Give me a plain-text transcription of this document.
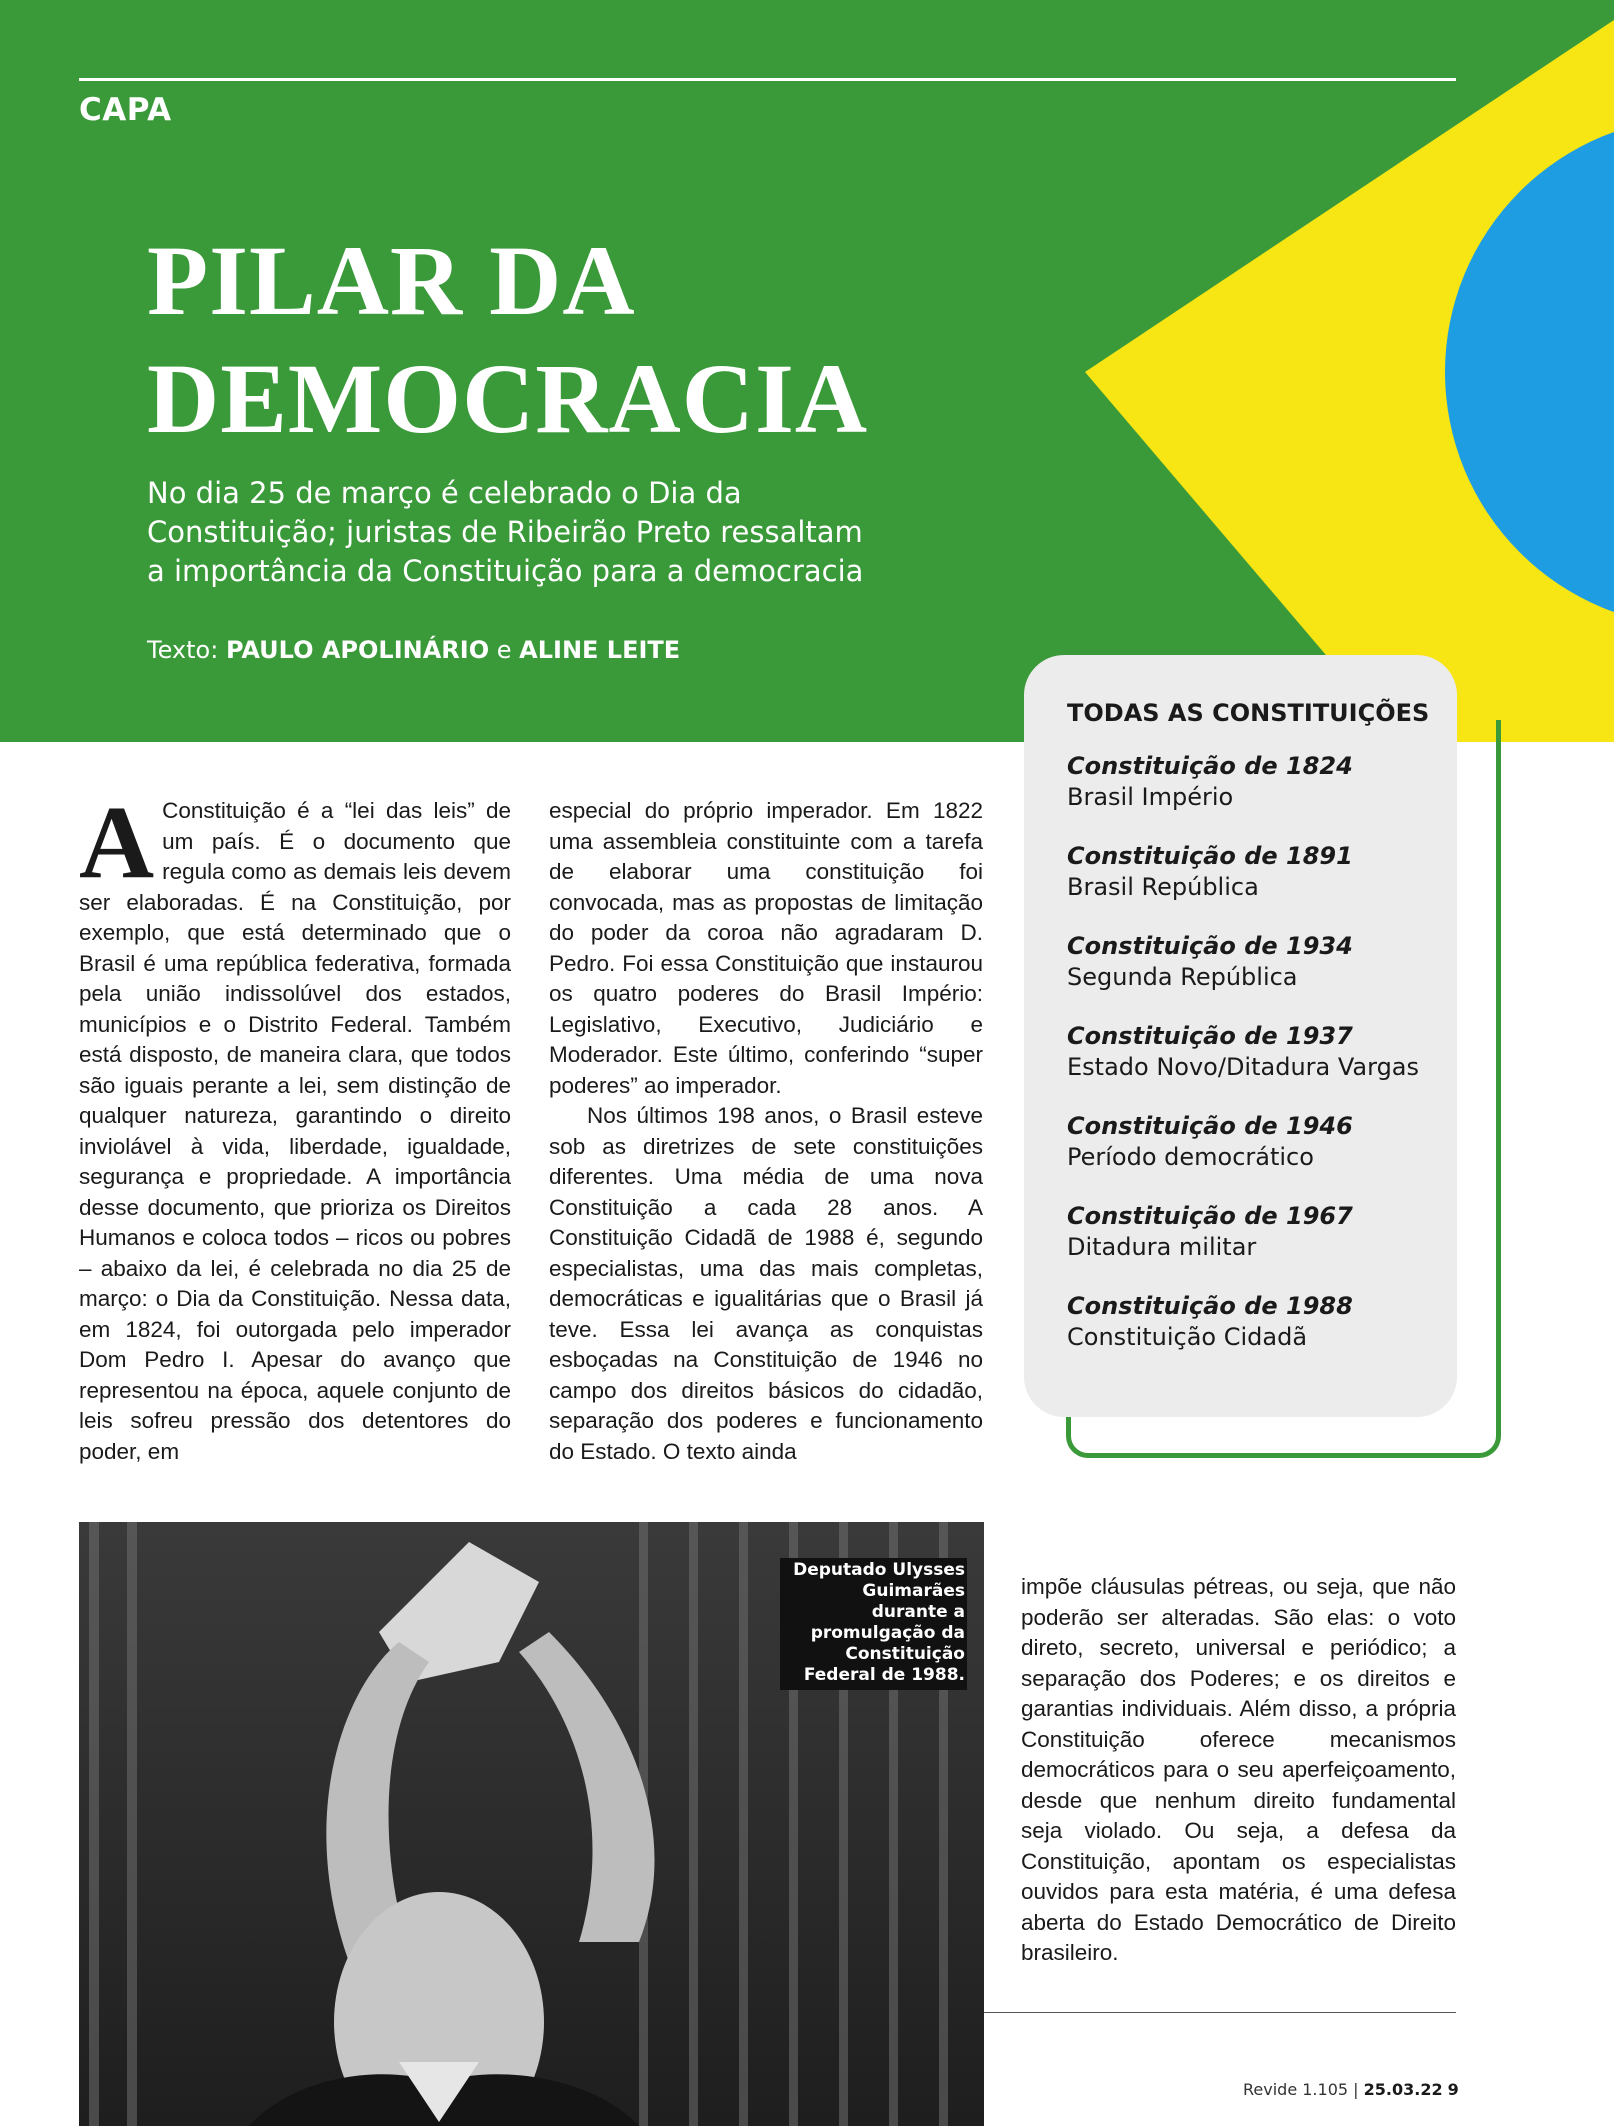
CAPA
PILAR DA
DEMOCRACIA
No dia 25 de março é celebrado o Dia da
Constituição; juristas de Ribeirão Preto ressaltam
a importância da Constituição para a democracia
Texto: PAULO APOLINÁRIO e ALINE LEITE
TODAS AS CONSTITUIÇÕES
Constituição de 1824
Brasil Império
Constituição de 1891
Brasil República
Constituição de 1934
Segunda República
Constituição de 1937
Estado Novo/Ditadura Vargas
Constituição de 1946
Período democrático
Constituição de 1967
Ditadura militar
Constituição de 1988
Constituição Cidadã
A Constituição é a “lei das leis” de um país. É o documento que regula como as demais leis devem ser elaboradas. É na Constituição, por exemplo, que está determinado que o Brasil é uma república federativa, formada pela união indissolúvel dos estados, municípios e o Distrito Federal. Também está disposto, de maneira clara, que todos são iguais perante a lei, sem distinção de qualquer natureza, garantindo o direito inviolável à vida, liberdade, igualdade, segurança e propriedade. A importância desse documento, que prioriza os Direitos Humanos e coloca todos – ricos ou pobres – abaixo da lei, é celebrada no dia 25 de março: o Dia da Constituição. Nessa data, em 1824, foi outorgada pelo imperador Dom Pedro I. Apesar do avanço que representou na época, aquele conjunto de leis sofreu pressão dos detentores do poder, em

especial do próprio imperador. Em 1822 uma assembleia constituinte com a tarefa de elaborar uma constituição foi convocada, mas as propostas de limitação do poder da coroa não agradaram D. Pedro. Foi essa Constituição que instaurou os quatro poderes do Brasil Império: Legislativo, Executivo, Judiciário e Moderador. Este último, conferindo “super poderes” ao imperador.

Nos últimos 198 anos, o Brasil esteve sob as diretrizes de sete constituições diferentes. Uma média de uma nova Constituição a cada 28 anos. A Constituição Cidadã de 1988 é, segundo especialistas, uma das mais completas, democráticas e igualitárias que o Brasil já teve. Essa lei avança as conquistas esboçadas na Constituição de 1946 no campo dos direitos básicos do cidadão, separação dos poderes e funcionamento do Estado. O texto ainda

Deputado Ulysses Guimarães durante a promulgação da Constituição Federal de 1988.

impõe cláusulas pétreas, ou seja, que não poderão ser alteradas. São elas: o voto direto, secreto, universal e periódico; a separação dos Poderes; e os direitos e garantias individuais. Além disso, a própria Constituição oferece mecanismos democráticos para o seu aperfeiçoamento, desde que nenhum direito fundamental seja violado. Ou seja, a defesa da Constituição, apontam os especialistas ouvidos para esta matéria, é uma defesa aberta do Estado Democrático de Direito brasileiro.

Revide 1.105 | 25.03.22 9
